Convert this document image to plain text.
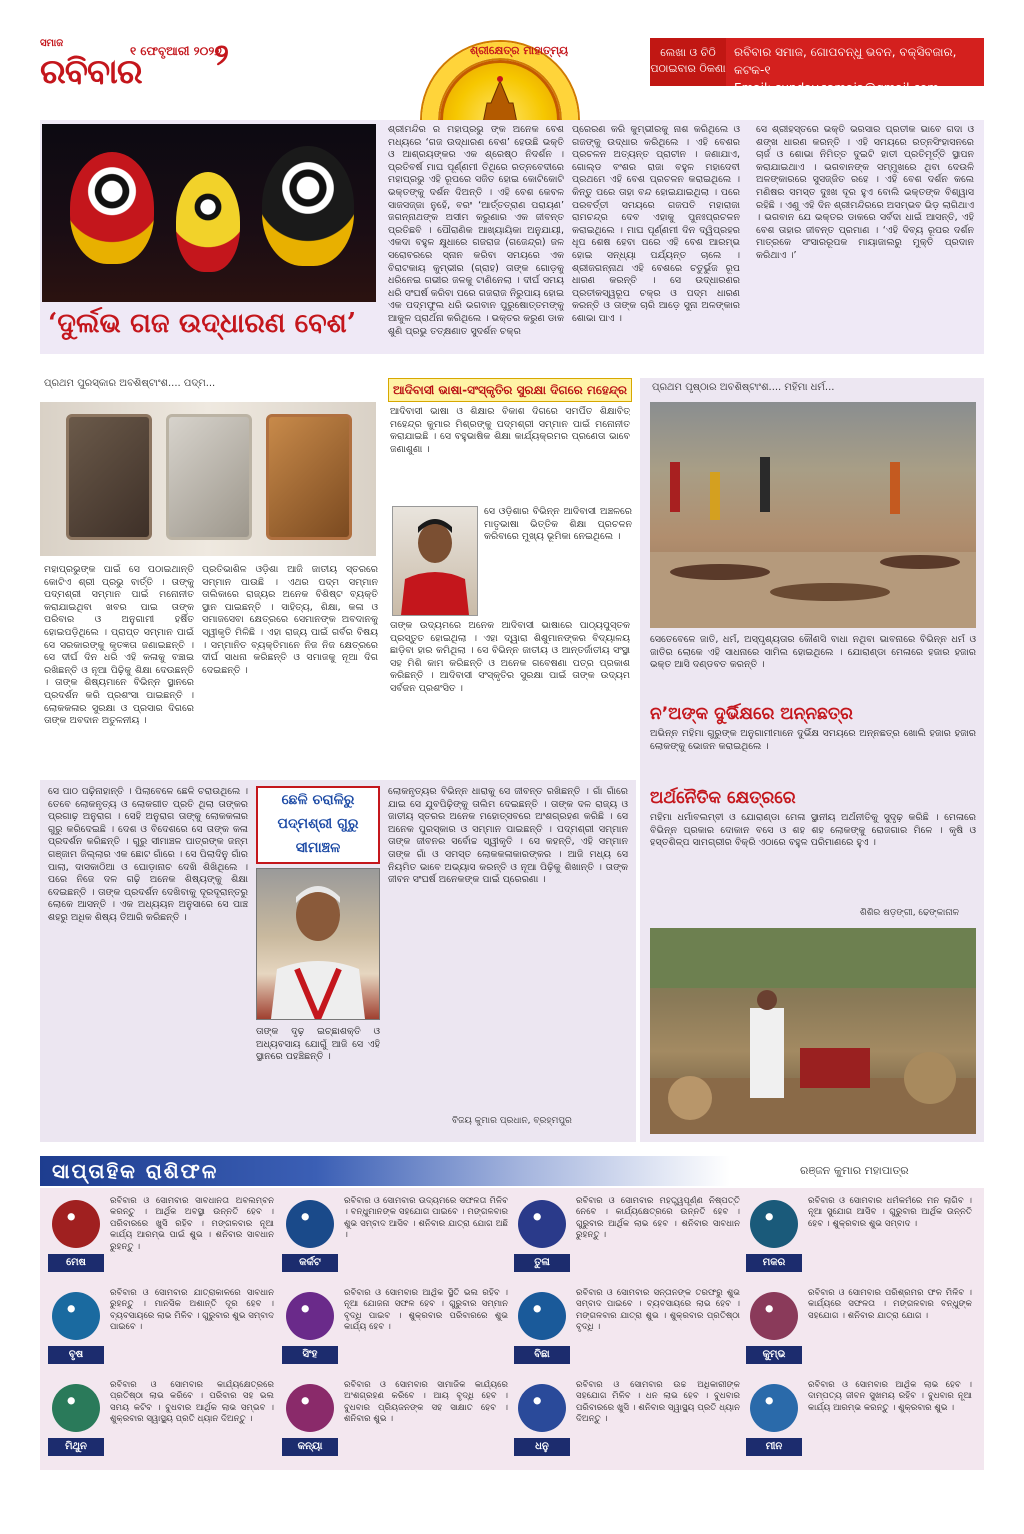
ସମାଜ
ରବିବାର
୧ ଫେବୃଆରୀ ୨୦୨୬
୨	ଶ୍ରୀକ୍ଷେତ୍ର ମାହାତ୍ମ୍ୟ	ଲେଖା ଓ ଚିଠି ପଠାଇବାର ଠିକଣା
ରବିବାର ସମାଜ, ଗୋପବନ୍ଧୁ ଭବନ, ବକ୍ସିବଜାର, କଟକ-୧
Email: sunday.samaja@gmail.com
‘ଦୁର୍ଲଭ ଗଜ ଉଦ୍ଧାରଣ ବେଶ’
ଶ୍ରୀମନ୍ଦିର ର ମହାପ୍ରଭୁ ଙ୍କ ଅନେକ ବେଶ ମଧ୍ୟରେ ‘ଗଜ ଉଦ୍ଧାରଣ ବେଶ’ ହେଉଛି ଭକ୍ତି ଓ ଆଶ୍ରୟଙ୍କର ଏକ ଶ୍ରେଷ୍ଠ ନିଦର୍ଶନ । ପ୍ରତିବର୍ଷ ମାଘ ପୂର୍ଣ୍ଣମୀ ତିଥିରେ ରତ୍ନବେଦୀରେ ମହାପ୍ରଭୁ ଏହି ରୂପରେ ସଜିତ ହୋଇ କୋଟିକୋଟି ଭକ୍ତଙ୍କୁ ଦର୍ଶନ ଦିଅନ୍ତି । ଏହି ବେଶ କେବଳ ସାଜସଜ୍ଜା ନୁହେଁ, ବରଂ ‘ଆର୍ତ୍ତତ୍ରାଣ ପରାୟଣ’ ଜଗନ୍ନାଥଙ୍କ ଅସୀମ କରୁଣାର ଏକ ଜୀବନ୍ତ ପ୍ରତିଛବି । ପୌରାଣିକ ଆଖ୍ୟାୟିକା ଅନୁଯାୟୀ, ଏକଦା ବହୁଳ କ୍ଷୁଧାରେ ଗଜରାଜ (ଗଜେନ୍ଦ୍ର) ଜଳ ସରୋବରରେ ସ୍ନାନ କରିବା ସମୟରେ ଏକ ବିରାଟକାୟ କୁମ୍ଭୀର (ଗ୍ରାହ) ତାଙ୍କ ଗୋଡ଼କୁ ଧରିନେଇ ଗଭୀର ଜଳକୁ ଟାଣିନେଲା । ଦୀର୍ଘ ସମୟ ଧରି ସଂଘର୍ଷ କରିବା ପରେ ଗଜରାଜ ନିରୁପାୟ ହୋଇ ଏକ ପଦ୍ମଫୁଲ ଧରି ଭଗବାନ ପୁରୁଷୋତ୍ତମଙ୍କୁ ଆକୁଳ ପ୍ରାର୍ଥନା କରିଥିଲେ । ଭକ୍ତର କରୁଣ ଡାକ ଶୁଣି ପ୍ରଭୁ ତତ୍କ୍ଷଣାତ ସୁଦର୍ଶନ ଚକ୍ର
ପ୍ରେରଣ କରି କୁମ୍ଭୀରକୁ ନାଶ କରିଥିଲେ ଓ ଗଜଙ୍କୁ ଉଦ୍ଧାର କରିଥିଲେ । ଏହି ବେଶର ପ୍ରଚଳନ ଅତ୍ୟନ୍ତ ପ୍ରାଚୀନ । ଜଣାଯାଏ, ଗୋଲ୍ଡ ବଂଶର ରାଜା ବହୁଳ ମହାଦେବୀ ପ୍ରଥମେ ଏହି ବେଶ ପ୍ରଚଳନ କରାଇଥିଲେ । କିନ୍ତୁ ପରେ ତାହା ବନ୍ଦ ହୋଇଯାଇଥିଲା । ପରେ ପରବର୍ତ୍ତୀ ସମୟରେ ଗଜପତି ମହାରାଜା ରାମଚନ୍ଦ୍ର ଦେବ ଏହାକୁ ପୁନଃପ୍ରଚଳନ କରାଇଥିଲେ । ମାଘ ପୂର୍ଣ୍ଣମୀ ଦିନ ଦ୍ୱିପ୍ରହର ଧୂପ ଶେଷ ହେବା ପରେ ଏହି ବେଶ ଆରମ୍ଭ ହୋଇ ସନ୍ଧ୍ୟା ପର୍ଯ୍ୟନ୍ତ ଚାଲେ । ଶ୍ରୀଜଗନ୍ନାଥ ଏହି ବେଶରେ ଚତୁର୍ଭୁଜ ରୂପ ଧାରଣ କରନ୍ତି । ସେ ଉଦ୍ଧାରଣର ପ୍ରତୀକସ୍ୱରୂପ ଚକ୍ର ଓ ପଦ୍ମ ଧାରଣ କରନ୍ତି ଓ ତାଙ୍କ ଚାରି ଆଡ଼େ ସୁନା ଅଳଙ୍କାର ଶୋଭା ପାଏ ।
ସେ ଶ୍ରୀହସ୍ତରେ ଭକ୍ତି ଭରସାର ପ୍ରତୀକ ଭାବେ ଗଦା ଓ ଶଙ୍ଖ ଧାରଣ କରନ୍ତି । ଏହି ସମୟରେ ରତ୍ନସିଂହାସନରେ ଚାର୍ଜ ଓ ଶୋଭା ନିମିତ୍ତ ଦୁଇଟି ହାତୀ ପ୍ରତିମୂର୍ତ୍ତି ସ୍ଥାପନ କରାଯାଇଥାଏ । ଭଗବାନଙ୍କ ସମ୍ମୁଖରେ ଥିବା ଦେଉଳି ଅଳଙ୍କାରରେ ସୁସଜ୍ଜିତ ରହେ । ଏହି ବେଶ ଦର୍ଶନ କଲେ ମଣିଷର ସମସ୍ତ ଦୁଃଖ ଦୂର ହୁଏ ବୋଲି ଭକ୍ତଙ୍କ ବିଶ୍ୱାସ ରହିଛି । ଏଣୁ ଏହି ଦିନ ଶ୍ରୀମନ୍ଦିରରେ ଅସମ୍ଭବ ଭିଡ଼ ଲାଗିଥାଏ । ଭଗବାନ ଯେ ଭକ୍ତର ଡାକରେ ସର୍ବଦା ଧାଇଁ ଆସନ୍ତି, ଏହି ବେଶ ତାହାର ଜୀବନ୍ତ ପ୍ରମାଣ । ‘ଏହି ଦିବ୍ୟ ରୂପର ଦର୍ଶନ ମାତ୍ରକେ ସଂସାରରୂପକ ମାୟାଜାଲରୁ ମୁକ୍ତି ପ୍ରଦାନ କରିଥାଏ ।’
ପ୍ରଥମ ପୁରସ୍କାର ଅବଶିଷ୍ଟାଂଶ.... ପଦ୍ମ...
ମହାପ୍ରଭୁଙ୍କ ପାଇଁ ସେ ପଠାଇଥାନ୍ତି କୋଟିଏ ଶ୍ରୀ ପ୍ରଭୁ ବାର୍ତ୍ତି । ତାଙ୍କୁ ପଦ୍ମଶ୍ରୀ ସମ୍ମାନ ପାଇଁ ମନୋନୀତ କରାଯାଇଥିବା ଖବର ପାଇ ତାଙ୍କ ପରିବାର ଓ ଅନୁଗାମୀ ହର୍ଷିତ ହୋଇପଡ଼ିଥିଲେ । ପ୍ରାପ୍ତ ସମ୍ମାନ ପାଇଁ ସେ ସରକାରଙ୍କୁ କୃତଜ୍ଞତା ଜଣାଇଛନ୍ତି । ସେ ଦୀର୍ଘ ଦିନ ଧରି ଏହି କଳାକୁ ବଞ୍ଚାଇ ରଖିଛନ୍ତି ଓ ନୂଆ ପିଢ଼ିକୁ ଶିକ୍ଷା ଦେଉଛନ୍ତି । ତାଙ୍କ ଶିଷ୍ୟମାନେ ବିଭିନ୍ନ ସ୍ଥାନରେ ପ୍ରଦର୍ଶନ କରି ପ୍ରଶଂସା ପାଇଛନ୍ତି । ଲୋକକଳାର ସୁରକ୍ଷା ଓ ପ୍ରସାର ଦିଗରେ ତାଙ୍କ ଅବଦାନ ଅତୁଳନୀୟ ।
ପ୍ରତିଭାଶିଳ ଓଡ଼ିଶା ଆଜି ଜାତୀୟ ସ୍ତରରେ ସମ୍ମାନ ପାଉଛି । ଏଥର ପଦ୍ମ ସମ୍ମାନ ତାଲିକାରେ ରାଜ୍ୟର ଅନେକ ବିଶିଷ୍ଟ ବ୍ୟକ୍ତି ସ୍ଥାନ ପାଇଛନ୍ତି । ସାହିତ୍ୟ, ଶିକ୍ଷା, କଳା ଓ ସମାଜସେବା କ୍ଷେତ୍ରରେ ସେମାନଙ୍କ ଅବଦାନକୁ ସ୍ୱୀକୃତି ମିଳିଛି । ଏହା ରାଜ୍ୟ ପାଇଁ ଗର୍ବର ବିଷୟ । ସମ୍ମାନିତ ବ୍ୟକ୍ତିମାନେ ନିଜ ନିଜ କ୍ଷେତ୍ରରେ ଦୀର୍ଘ ସାଧନା କରିଛନ୍ତି ଓ ସମାଜକୁ ନୂଆ ଦିଗ ଦେଇଛନ୍ତି ।
ଆଦିବାସୀ ଭାଷା-ସଂସ୍କୃତିର ସୁରକ୍ଷା ଦିଗରେ ମହେନ୍ଦ୍ର
ଆଦିବାସୀ ଭାଷା ଓ ଶିକ୍ଷାର ବିକାଶ ଦିଗରେ ସମର୍ପିତ ଶିକ୍ଷାବିତ୍ ମହେନ୍ଦ୍ର କୁମାର ମିଶ୍ରଙ୍କୁ ପଦ୍ମଶ୍ରୀ ସମ୍ମାନ ପାଇଁ ମନୋନୀତ କରାଯାଇଛି । ସେ ବହୁଭାଷିକ ଶିକ୍ଷା କାର୍ଯ୍ୟକ୍ରମର ପ୍ରଣେତା ଭାବେ ଜଣାଶୁଣା ।
ସେ ଓଡ଼ିଶାର ବିଭିନ୍ନ ଆଦିବାସୀ ଅଞ୍ଚଳରେ ମାତୃଭାଷା ଭିତ୍ତିକ ଶିକ୍ଷା ପ୍ରଚଳନ କରିବାରେ ମୁଖ୍ୟ ଭୂମିକା ନେଇଥିଲେ ।
ତାଙ୍କ ଉଦ୍ୟମରେ ଅନେକ ଆଦିବାସୀ ଭାଷାରେ ପାଠ୍ୟପୁସ୍ତକ ପ୍ରସ୍ତୁତ ହୋଇଥିଲା । ଏହା ଦ୍ୱାରା ଶିଶୁମାନଙ୍କର ବିଦ୍ୟାଳୟ ଛାଡ଼ିବା ହାର କମିଥିଲା । ସେ ବିଭିନ୍ନ ଜାତୀୟ ଓ ଆନ୍ତର୍ଜାତୀୟ ସଂସ୍ଥା ସହ ମିଶି କାମ କରିଛନ୍ତି ଓ ଅନେକ ଗବେଷଣା ପତ୍ର ପ୍ରକାଶ କରିଛନ୍ତି । ଆଦିବାସୀ ସଂସ୍କୃତିର ସୁରକ୍ଷା ପାଇଁ ତାଙ୍କ ଉଦ୍ୟମ ସର୍ବଜନ ପ୍ରଶଂସିତ ।
ପ୍ରଥମ ପୃଷ୍ଠାର ଅବଶିଷ୍ଟାଂଶ.... ମହିମା ଧର୍ମ...
ସେତେବେଳେ ଜାତି, ଧର୍ମ, ଅସ୍ପୃଶ୍ୟତାର କୌଣସି ବାଧା ନଥିବା ଭାବନାରେ ବିଭିନ୍ନ ଧର୍ମ ଓ ଜାତିର ଲୋକେ ଏହି ସାଧନାରେ ସାମିଲ ହୋଇଥିଲେ । ଯୋରାଣ୍ଡା ମେଳାରେ ହଜାର ହଜାର ଭକ୍ତ ଆସି ଦଣ୍ଡବତ କରନ୍ତି ।
ନ’ଅଙ୍କ ଦୁର୍ଭିକ୍ଷରେ ଅନ୍ନଛତ୍ର
ଅଭିନ୍ନ ମହିମା ଗୁରୁଙ୍କ ଅନୁଗାମୀମାନେ ଦୁର୍ଭିକ୍ଷ ସମୟରେ ଅନ୍ନଛତ୍ର ଖୋଲି ହଜାର ହଜାର ଲୋକଙ୍କୁ ଭୋଜନ କରାଇଥିଲେ ।
ଅର୍ଥନୈତିକ କ୍ଷେତ୍ରରେ
ମହିମା ଧର୍ମାବଲମ୍ବୀ ଓ ଯୋରାଣ୍ଡା ମେଳା ସ୍ଥାନୀୟ ଅର୍ଥନୀତିକୁ ସୁଦୃଢ଼ କରିଛି । ମେଳାରେ ବିଭିନ୍ନ ପ୍ରକାର ଦୋକାନ ବସେ ଓ ଶହ ଶହ ଲୋକଙ୍କୁ ରୋଜଗାର ମିଳେ । କୃଷି ଓ ହସ୍ତଶିଳ୍ପ ସାମଗ୍ରୀର ବିକ୍ରି ଏଠାରେ ବହୁଳ ପରିମାଣରେ ହୁଏ ।
ଶିଶିର ଷଡ଼ଙ୍ଗୀ, ଢେଙ୍କାନାଳ
ଛେଳି ଚରାଳିରୁ
ପଦ୍ମଶ୍ରୀ ଗୁରୁ
ସୀମାଞ୍ଚଳ
ସେ ପାଠ ପଢ଼ିନାହାନ୍ତି । ପିଲାବେଳେ ଛେଳି ଚରାଉଥିଲେ । ତେବେ ଲୋକନୃତ୍ୟ ଓ ଲୋକଗୀତ ପ୍ରତି ଥିଲା ତାଙ୍କର ପ୍ରଗାଢ଼ ଅନୁରାଗ । ସେହି ଅନୁରାଗ ତାଙ୍କୁ ଲୋକକଳାର ଗୁରୁ କରିଦେଇଛି । ଦେଶ ଓ ବିଦେଶରେ ସେ ତାଙ୍କ କଳା ପ୍ରଦର୍ଶନ କରିଛନ୍ତି । ଗୁରୁ ସୀମାଞ୍ଚଳ ପାତ୍ରଙ୍କ ଜନ୍ମ ଗଞ୍ଜାମ ଜିଲ୍ଲାର ଏକ ଛୋଟ ଗାଁରେ । ସେ ପିଲାଦିନୁ ଗାଁର ପାଲା, ଦାସକାଠିଆ ଓ ଘୋଡ଼ାନାଚ ଦେଖି ଶିଖିଥିଲେ । ପରେ ନିଜେ ଦଳ ଗଢ଼ି ଅନେକ ଶିଷ୍ୟଙ୍କୁ ଶିକ୍ଷା ଦେଇଛନ୍ତି । ତାଙ୍କ ପ୍ରଦର୍ଶନ ଦେଖିବାକୁ ଦୂରଦୂରାନ୍ତରୁ ଲୋକେ ଆସନ୍ତି । ଏକ ଅଧ୍ୟୟନ ଅନୁସାରେ ସେ ପାଞ୍ଚ ଶହରୁ ଅଧିକ ଶିଷ୍ୟ ତିଆରି କରିଛନ୍ତି ।
ଲୋକନୃତ୍ୟର ବିଭିନ୍ନ ଧାରାକୁ ସେ ଜୀବନ୍ତ ରଖିଛନ୍ତି । ଗାଁ ଗାଁରେ ଯାଇ ସେ ଯୁବପିଢ଼ିଙ୍କୁ ତାଲିମ ଦେଇଛନ୍ତି । ତାଙ୍କ ଦଳ ରାଜ୍ୟ ଓ ଜାତୀୟ ସ୍ତରର ଅନେକ ମହୋତ୍ସବରେ ଅଂଶଗ୍ରହଣ କରିଛି । ସେ ଅନେକ ପୁରସ୍କାର ଓ ସମ୍ମାନ ପାଇଛନ୍ତି । ପଦ୍ମଶ୍ରୀ ସମ୍ମାନ ତାଙ୍କ ଜୀବନର ସର୍ବୋଚ୍ଚ ସ୍ୱୀକୃତି । ସେ କହନ୍ତି, ଏହି ସମ୍ମାନ ତାଙ୍କ ଗାଁ ଓ ସମସ୍ତ ଲୋକକଳାକାରଙ୍କର । ଆଜି ମଧ୍ୟ ସେ ନିୟମିତ ଭାବେ ଅଭ୍ୟାସ କରନ୍ତି ଓ ନୂଆ ପିଢ଼ିକୁ ଶିଖାନ୍ତି । ତାଙ୍କ ଜୀବନ ସଂଘର୍ଷ ଅନେକଙ୍କ ପାଇଁ ପ୍ରେରଣା ।
ତାଙ୍କ ଦୃଢ଼ ଇଚ୍ଛାଶକ୍ତି ଓ ଅଧ୍ୟବସାୟ ଯୋଗୁଁ ଆଜି ସେ ଏହି ସ୍ଥାନରେ ପହଞ୍ଚିଛନ୍ତି ।
ବିଜୟ କୁମାର ପ୍ରଧାନ, ବ୍ରହ୍ମପୁର
ସାପ୍ତାହିକ ରାଶିଫଳ	ରଞ୍ଜନ କୁମାର ମହାପାତ୍ର
ମେଷ
ରବିବାର ଓ ସୋମବାର ସାବଧାନତା ଅବଲମ୍ବନ କରନ୍ତୁ । ଆର୍ଥିକ ଅବସ୍ଥା ଉନ୍ନତି ହେବ । ପରିବାରରେ ଖୁସି ରହିବ । ମଙ୍ଗଳବାର ନୂଆ କାର୍ଯ୍ୟ ଆରମ୍ଭ ପାଇଁ ଶୁଭ । ଶନିବାର ସାବଧାନ ରୁହନ୍ତୁ ।
ବୃଷ
ରବିବାର ଓ ସୋମବାର ଯାତ୍ରାକାଳରେ ସାବଧାନ ରୁହନ୍ତୁ । ମାନସିକ ଅଶାନ୍ତି ଦୂର ହେବ । ବ୍ୟବସାୟରେ ଲାଭ ମିଳିବ । ଗୁରୁବାର ଶୁଭ ସମ୍ବାଦ ପାଇବେ ।
ମିଥୁନ
ରବିବାର ଓ ସୋମବାର କାର୍ଯ୍ୟକ୍ଷେତ୍ରରେ ପ୍ରତିଷ୍ଠା ଲାଭ କରିବେ । ପରିବାର ସହ ଭଲ ସମୟ କଟିବ । ବୁଧବାର ଆର୍ଥିକ ଲାଭ ସମ୍ଭବ । ଶୁକ୍ରବାର ସ୍ୱାସ୍ଥ୍ୟ ପ୍ରତି ଧ୍ୟାନ ଦିଅନ୍ତୁ ।
କର୍କଟ
ରବିବାର ଓ ସୋମବାର ଉଦ୍ୟମରେ ସଫଳତା ମିଳିବ । ବନ୍ଧୁମାନଙ୍କ ସହଯୋଗ ପାଇବେ । ମଙ୍ଗଳବାର ଶୁଭ ସମ୍ବାଦ ଆସିବ । ଶନିବାର ଯାତ୍ରା ଯୋଗ ଅଛି ।
ସିଂହ
ରବିବାର ଓ ସୋମବାର ଆର୍ଥିକ ସ୍ଥିତି ଭଲ ରହିବ । ନୂଆ ଯୋଜନା ସଫଳ ହେବ । ଗୁରୁବାର ସମ୍ମାନ ବୃଦ୍ଧି ପାଇବ । ଶୁକ୍ରବାର ପରିବାରରେ ଶୁଭ କାର୍ଯ୍ୟ ହେବ ।
କନ୍ୟା
ରବିବାର ଓ ସୋମବାର ସାମାଜିକ କାର୍ଯ୍ୟରେ ଅଂଶଗ୍ରହଣ କରିବେ । ଆୟ ବୃଦ୍ଧି ହେବ । ବୁଧବାର ପ୍ରିୟଜନଙ୍କ ସହ ସାକ୍ଷାତ ହେବ । ଶନିବାର ଶୁଭ ।
ତୁଳା
ରବିବାର ଓ ସୋମବାର ମହତ୍ତ୍ୱପୂର୍ଣ୍ଣ ନିଷ୍ପତ୍ତି ନେବେ । କାର୍ଯ୍ୟକ୍ଷେତ୍ରରେ ଉନ୍ନତି ହେବ । ଗୁରୁବାର ଆର୍ଥିକ ଲାଭ ହେବ । ଶନିବାର ସାବଧାନ ରୁହନ୍ତୁ ।
ବିଛା
ରବିବାର ଓ ସୋମବାର ସନ୍ତାନଙ୍କ ତରଫରୁ ଶୁଭ ସମ୍ବାଦ ପାଇବେ । ବ୍ୟବସାୟରେ ଲାଭ ହେବ । ମଙ୍ଗଳବାର ଯାତ୍ରା ଶୁଭ । ଶୁକ୍ରବାର ପ୍ରତିଷ୍ଠା ବୃଦ୍ଧି ।
ଧନୁ
ରବିବାର ଓ ସୋମବାର ଉଚ୍ଚ ଅଧିକାରୀଙ୍କ ସହଯୋଗ ମିଳିବ । ଧନ ଲାଭ ହେବ । ବୁଧବାର ପରିବାରରେ ଖୁସି । ଶନିବାର ସ୍ୱାସ୍ଥ୍ୟ ପ୍ରତି ଧ୍ୟାନ ଦିଅନ୍ତୁ ।
ମକର
ରବିବାର ଓ ସୋମବାର ଧର୍ମକର୍ମରେ ମନ ଲାଗିବ । ନୂଆ ସୁଯୋଗ ଆସିବ । ଗୁରୁବାର ଆର୍ଥିକ ଉନ୍ନତି ହେବ । ଶୁକ୍ରବାର ଶୁଭ ସମ୍ବାଦ ।
କୁମ୍ଭ
ରବିବାର ଓ ସୋମବାର ପରିଶ୍ରମର ଫଳ ମିଳିବ । କାର୍ଯ୍ୟରେ ସଫଳତା । ମଙ୍ଗଳବାର ବନ୍ଧୁଙ୍କ ସହଯୋଗ । ଶନିବାର ଯାତ୍ରା ଯୋଗ ।
ମୀନ
ରବିବାର ଓ ସୋମବାର ଆର୍ଥିକ ଲାଭ ହେବ । ଦାମ୍ପତ୍ୟ ଜୀବନ ସୁଖମୟ ରହିବ । ବୁଧବାର ନୂଆ କାର୍ଯ୍ୟ ଆରମ୍ଭ କରନ୍ତୁ । ଶୁକ୍ରବାର ଶୁଭ ।
